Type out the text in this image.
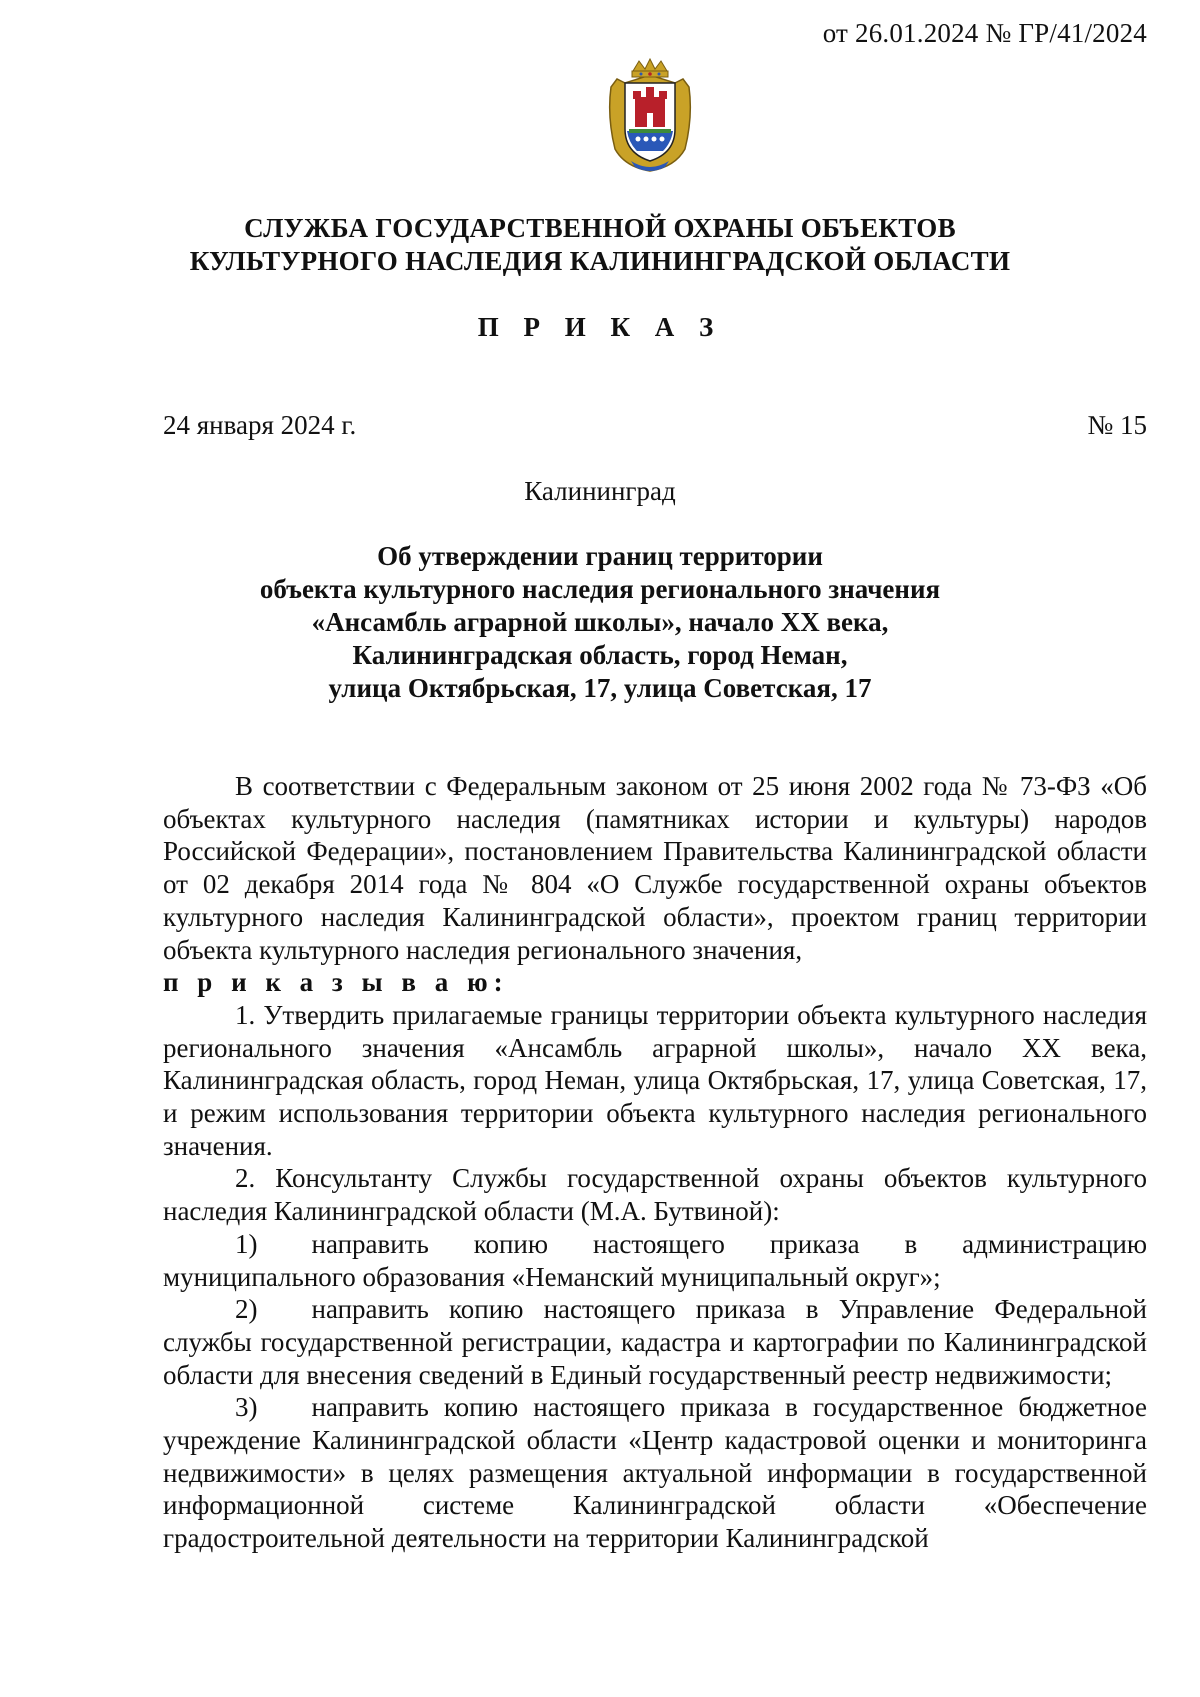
от 26.01.2024 № ГР/41/2024
СЛУЖБА ГОСУДАРСТВЕННОЙ ОХРАНЫ ОБЪЕКТОВ
КУЛЬТУРНОГО НАСЛЕДИЯ КАЛИНИНГРАДСКОЙ ОБЛАСТИ
П Р И К А З
24 января 2024 г.	№ 15
Калининград
Об утверждении границ территории
объекта культурного наследия регионального значения
«Ансамбль аграрной школы», начало XX века,
Калининградская область, город Неман,
улица Октябрьская, 17, улица Советская, 17

В соответствии с Федеральным законом от 25 июня 2002 года № 73-ФЗ «Об объектах культурного наследия (памятниках истории и культуры) народов Российской Федерации», постановлением Правительства Калининградской области от 02 декабря 2014 года № 804 «О Службе государственной охраны объектов культурного наследия Калининградской области», проектом границ территории объекта культурного наследия регионального значения,

п р и к а з ы в а ю:

1. Утвердить прилагаемые границы территории объекта культурного наследия регионального значения «Ансамбль аграрной школы», начало XX века, Калининградская область, город Неман, улица Октябрьская, 17, улица Советская, 17, и режим использования территории объекта культурного наследия регионального значения.

2. Консультанту Службы государственной охраны объектов культурного наследия Калининградской области (М.А. Бутвиной):

1)  направить копию настоящего приказа в администрацию муниципального образования «Неманский муниципальный округ»;

2)  направить копию настоящего приказа в Управление Федеральной службы государственной регистрации, кадастра и картографии по Калининградской области для внесения сведений в Единый государственный реестр недвижимости;

3)  направить копию настоящего приказа в государственное бюджетное учреждение Калининградской области «Центр кадастровой оценки и мониторинга недвижимости» в целях размещения актуальной информации в государственной информационной системе Калининградской области «Обеспечение градостроительной деятельности на территории Калининградской
